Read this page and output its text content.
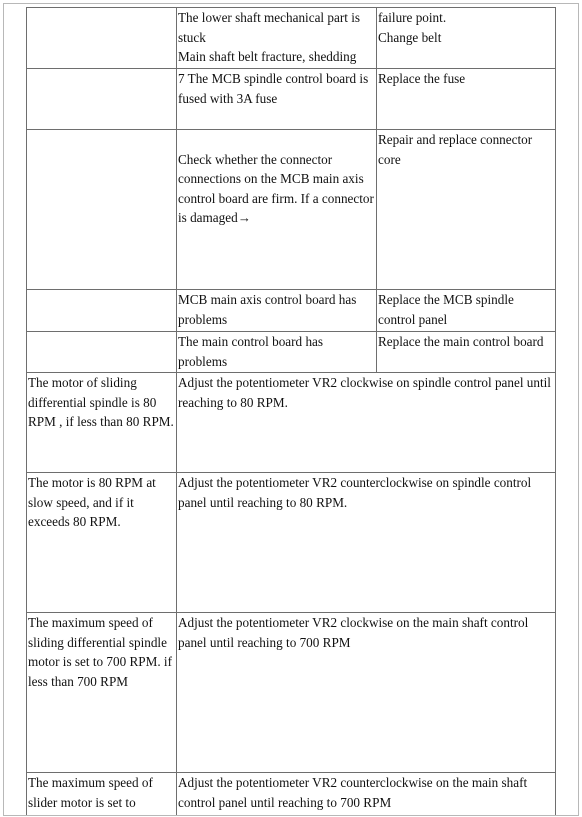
The lower shaft mechanical part is stuck
Main shaft belt fracture, shedding
failure point.
Change belt
7 The MCB spindle control board is fused with 3A fuse
Replace the fuse

Check whether the connector connections on the MCB main axis control board are firm. If a connector is damaged→
Repair and replace connector core
MCB main axis control board has problems
Replace the MCB spindle control panel
The main control board has problems
Replace the main control board
The motor of sliding differential spindle is 80 RPM , if less than 80 RPM.
Adjust the potentiometer VR2 clockwise on spindle control panel until reaching to 80 RPM.
The motor is 80 RPM at slow speed, and if it exceeds 80 RPM.
Adjust the potentiometer VR2 counterclockwise on spindle control panel until reaching to 80 RPM.
The maximum speed of sliding differential spindle motor is set to 700 RPM. if less than 700 RPM
Adjust the potentiometer VR2 clockwise on the main shaft control panel until reaching to 700 RPM
The maximum speed of slider motor is set to
Adjust the potentiometer VR2 counterclockwise on the main shaft control panel until reaching to 700 RPM
